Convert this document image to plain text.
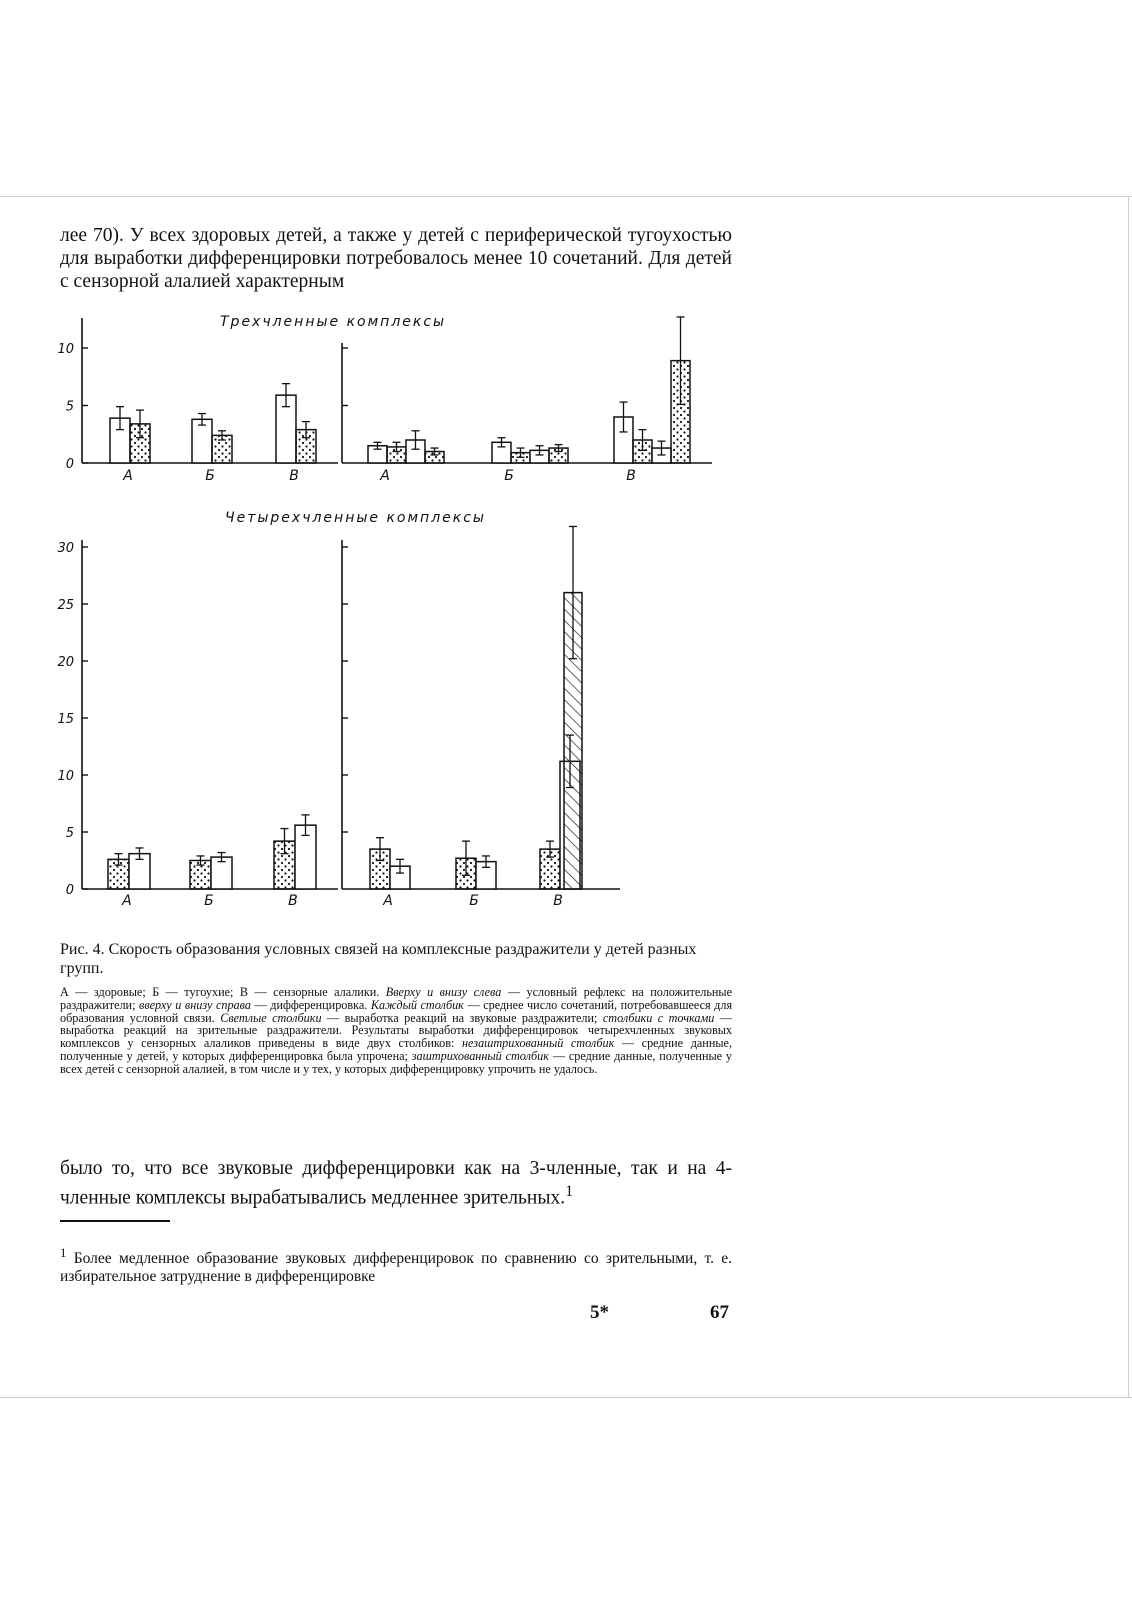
лее 70). У всех здоровых детей, а также у детей с периферической тугоухостью для выработки дифференцировки потребовалось менее 10 сочетаний. Для детей с сензорной алалией характерным

Трехчленные комплексы
Четырехчленные комплексы
0
5
10
А	Б	В	А	Б	В
0
5
10
15
20
25
30
А	Б	В	А	Б	В

Рис. 4. Скорость образования условных связей на комплексные раздражители у детей разных групп.

А — здоровые; Б — тугоухие; В — сензорные алалики. Вверху и внизу слева — условный рефлекс на положительные раздражители; вверху и внизу справа — дифференцировка. Каждый столбик — среднее число сочетаний, потребовавшееся для образования условной связи. Светлые столбики — выработка реакций на звуковые раздражители; столбики с точками — выработка реакций на зрительные раздражители. Результаты выработки дифференцировок четырехчленных звуковых комплексов у сензорных алаликов приведены в виде двух столбиков: незаштрихованный столбик — средние данные, полученные у детей, у которых дифференцировка была упрочена; заштрихованный столбик — средние данные, полученные у всех детей с сензорной алалией, в том числе и у тех, у которых дифференцировку упрочить не удалось.

было то, что все звуковые дифференцировки как на 3-членные, так и на 4-членные комплексы вырабатывались медленнее зрительных.$^1$

$^1$ Более медленное образование звуковых дифференцировок по сравнению со зрительными, т. е. избирательное затруднение в дифференцировке
5*	67
